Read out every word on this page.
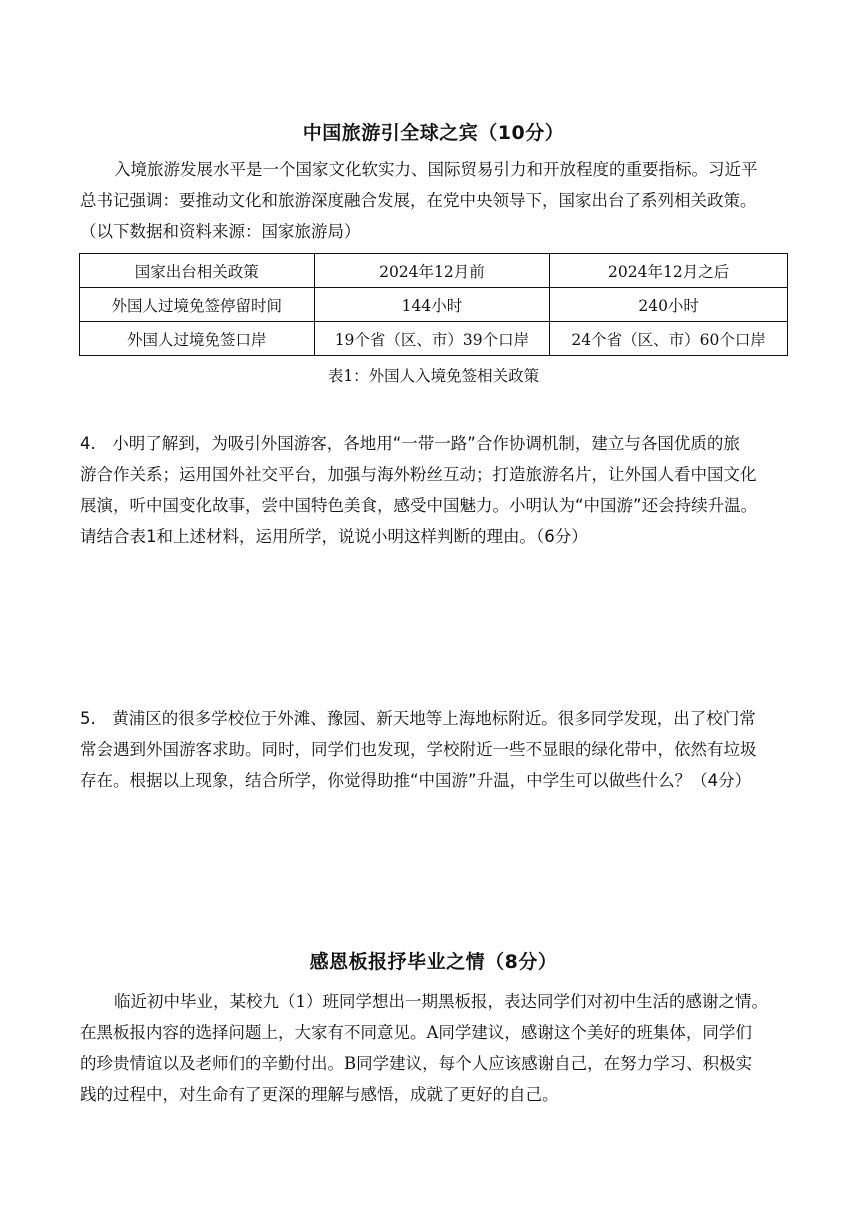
中国旅游引全球之宾（10分）
入境旅游发展水平是一个国家文化软实力、国际贸易引力和开放程度的重要指标。习近平
总书记强调：要推动文化和旅游深度融合发展，在党中央领导下，国家出台了系列相关政策。
（以下数据和资料来源：国家旅游局）
国家出台相关政策	2024年12月前	2024年12月之后
外国人过境免签停留时间	144小时	240小时
外国人过境免签口岸	19个省（区、市）39个口岸	24个省（区、市）60个口岸
表1：外国人入境免签相关政策
4.　小明了解到，为吸引外国游客，各地用“一带一路”合作协调机制，建立与各国优质的旅
游合作关系；运用国外社交平台，加强与海外粉丝互动；打造旅游名片，让外国人看中国文化
展演，听中国变化故事，尝中国特色美食，感受中国魅力。小明认为“中国游”还会持续升温。
请结合表1和上述材料，运用所学，说说小明这样判断的理由。（6分）
5.　黄浦区的很多学校位于外滩、豫园、新天地等上海地标附近。很多同学发现，出了校门常
常会遇到外国游客求助。同时，同学们也发现，学校附近一些不显眼的绿化带中，依然有垃圾
存在。根据以上现象，结合所学，你觉得助推“中国游”升温，中学生可以做些什么？（4分）
感恩板报抒毕业之情（8分）
临近初中毕业，某校九（1）班同学想出一期黑板报，表达同学们对初中生活的感谢之情。
在黑板报内容的选择问题上，大家有不同意见。A同学建议，感谢这个美好的班集体，同学们
的珍贵情谊以及老师们的辛勤付出。B同学建议，每个人应该感谢自己，在努力学习、积极实
践的过程中，对生命有了更深的理解与感悟，成就了更好的自己。
